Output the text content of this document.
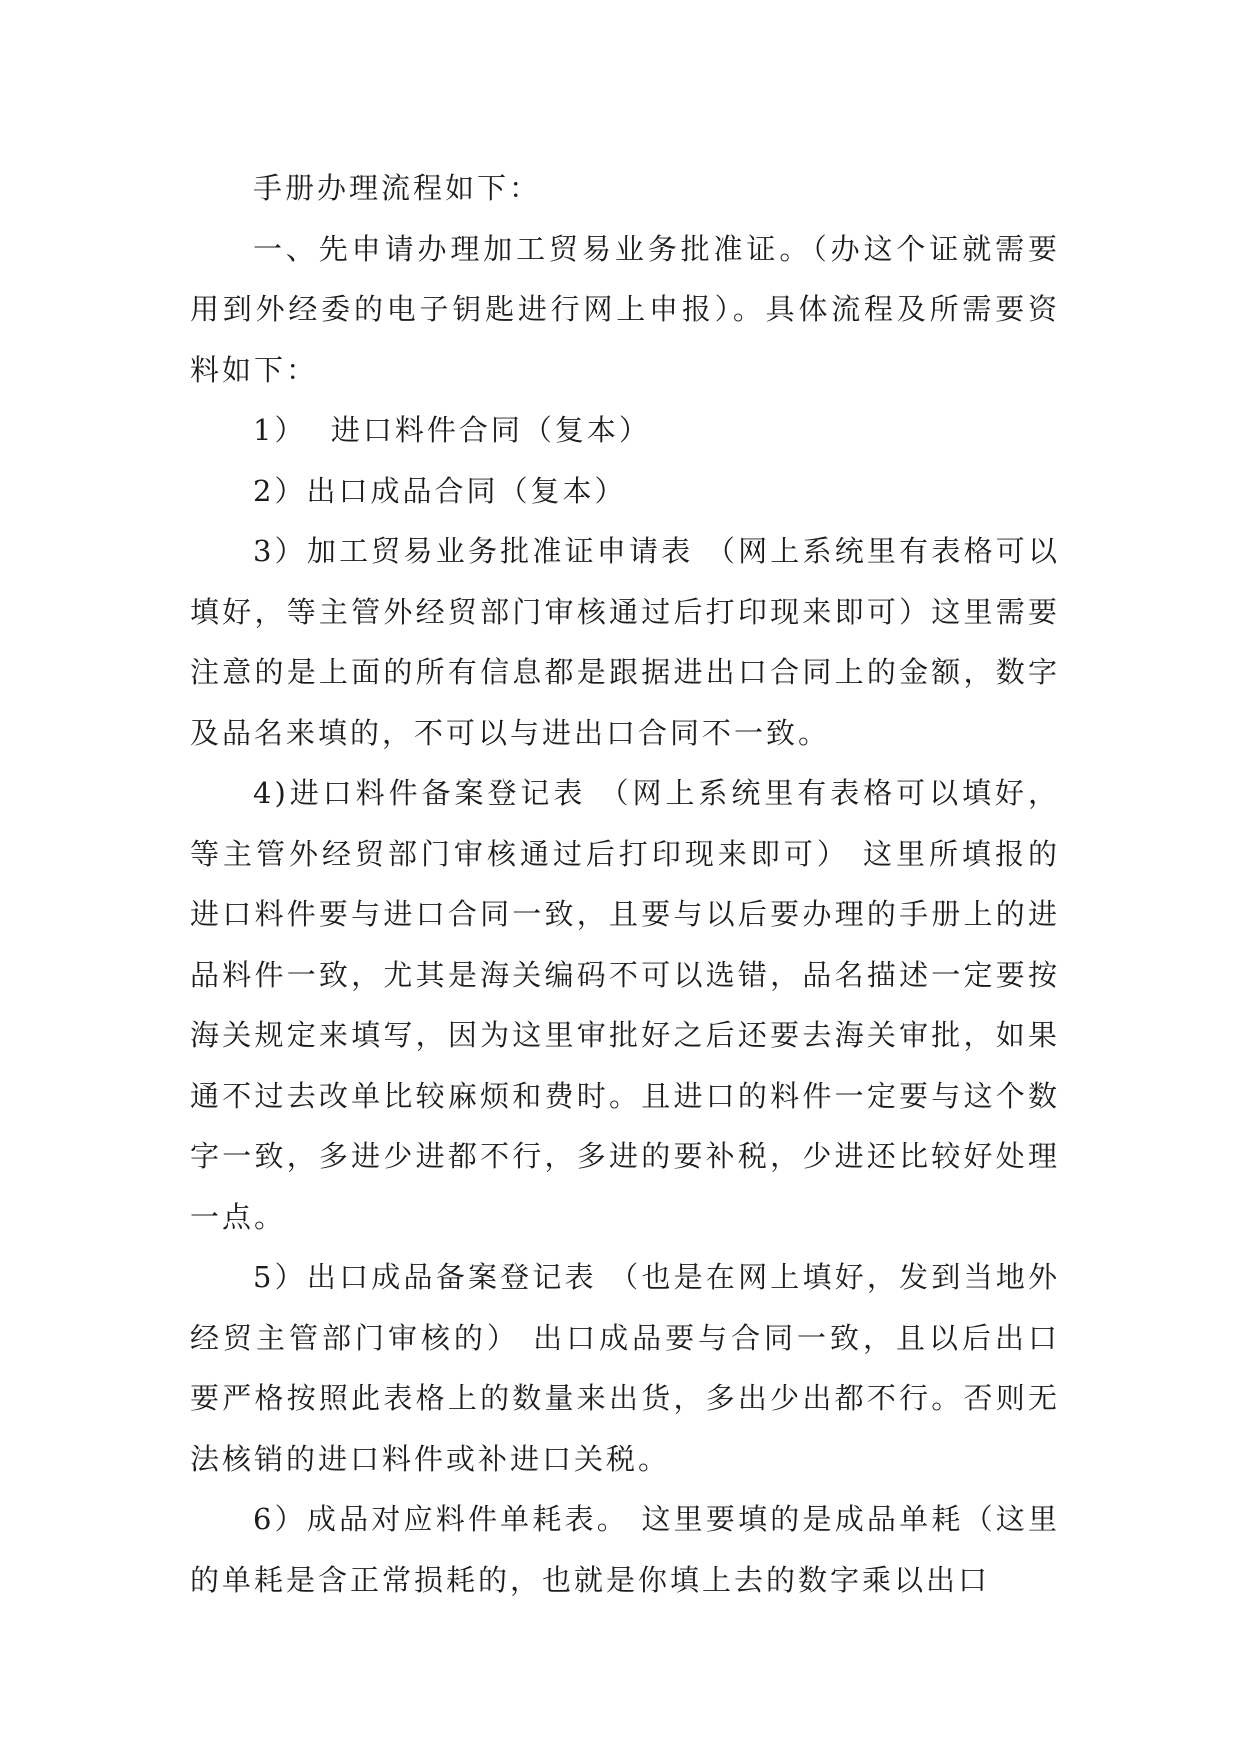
手册办理流程如下：

一、先申请办理加工贸易业务批准证。（办这个证就需要用到外经委的电子钥匙进行网上申报）。具体流程及所需要资料如下：

1）  进口料件合同（复本）

2）出口成品合同（复本）

3）加工贸易业务批准证申请表 （网上系统里有表格可以填好，等主管外经贸部门审核通过后打印现来即可）这里需要注意的是上面的所有信息都是跟据进出口合同上的金额，数字及品名来填的，不可以与进出口合同不一致。

4)进口料件备案登记表 （网上系统里有表格可以填好，等主管外经贸部门审核通过后打印现来即可） 这里所填报的进口料件要与进口合同一致，且要与以后要办理的手册上的进品料件一致，尤其是海关编码不可以选错，品名描述一定要按海关规定来填写，因为这里审批好之后还要去海关审批，如果通不过去改单比较麻烦和费时。且进口的料件一定要与这个数字一致，多进少进都不行，多进的要补税，少进还比较好处理一点。

5）出口成品备案登记表 （也是在网上填好，发到当地外经贸主管部门审核的） 出口成品要与合同一致，且以后出口要严格按照此表格上的数量来出货，多出少出都不行。否则无法核销的进口料件或补进口关税。

6）成品对应料件单耗表。 这里要填的是成品单耗（这里的单耗是含正常损耗的，也就是你填上去的数字乘以出口
